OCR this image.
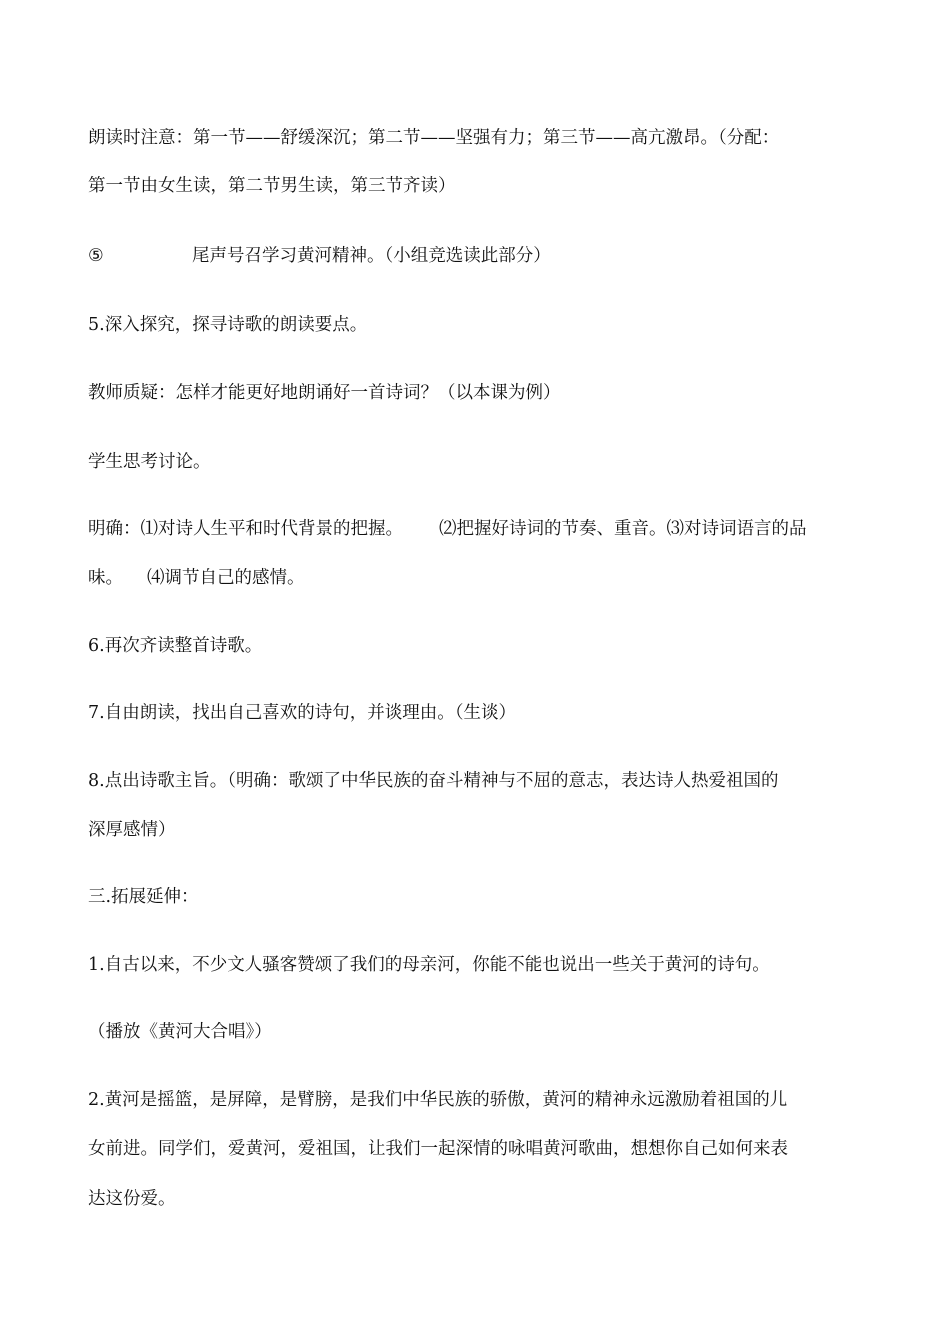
朗读时注意：第一节——舒缓深沉；第二节——坚强有力；第三节——高亢激昂。（分配：
第一节由女生读，第二节男生读，第三节齐读）
⑤	尾声号召学习黄河精神。（小组竞选读此部分）
5.深入探究，探寻诗歌的朗读要点。
教师质疑：怎样才能更好地朗诵好一首诗词？（以本课为例）
学生思考讨论。
明确：⑴对诗人生平和时代背景的把握。 ⑵把握好诗词的节奏、重音。⑶对诗词语言的品
味。 ⑷调节自己的感情。
6.再次齐读整首诗歌。
7.自由朗读，找出自己喜欢的诗句，并谈理由。（生谈）
8.点出诗歌主旨。（明确：歌颂了中华民族的奋斗精神与不屈的意志，表达诗人热爱祖国的
深厚感情）
三.拓展延伸：
1.自古以来，不少文人骚客赞颂了我们的母亲河，你能不能也说出一些关于黄河的诗句。
（播放《黄河大合唱》）
2.黄河是摇篮，是屏障，是臂膀，是我们中华民族的骄傲，黄河的精神永远激励着祖国的儿
女前进。同学们，爱黄河，爱祖国，让我们一起深情的咏唱黄河歌曲，想想你自己如何来表
达这份爱。
